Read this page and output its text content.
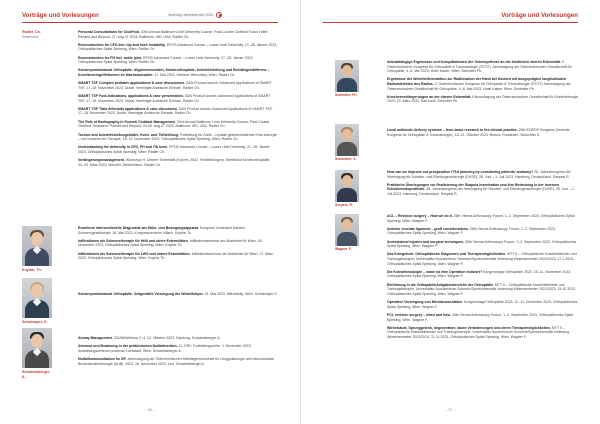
Vorträge und Vorlesungen	Speising Jahresbericht 2023
Radler, Ch.
Seibersdorf

Personal Consultations for ClubFoot. 33rd Annual Baltimore Limb Deformity Course; Post-Course Clubfoot Focus Hotel: Renaud and Beyond. 27. Aug 27 2023; Baltimore, MD, USA. Radler Ch.

Reconstruction for CFD incl. hip and knee instability. EPOS Advanced Course – Lower Limb Deformity, 27.-28. Jänner 2023, Orthopädisches Spital Speising, Wien. Radler Ch.

Reconstruction for FH incl. ankle joint. EPOS Advanced Course – Lower Limb Deformity, 27.-28. Jänner 2023, Orthopädisches Spital Speising, Wien. Radler Ch.

Schwerpunktmanual Orthopädie: Allgemeinmedizin, Kinderorthopädie, Achsfehlstellung und Beinlängendifferenz – Korrektureingriffsformen im Wachstumsalter. 17. Mai 2023, Webinar Mitrovitsky, Wien. Radler Ch.

SMART TSF Complex pediatric applications & case discussions. S&N Product launch: Advanced Applications of SMART TSF, 17.-18. November 2023, Dubai, Vereinigte Arabische Emirate. Radler Ch.

SMART TSF Foot-Indications, applications & case presentation. S&N Product launch: Advanced Applications of SMART TSF, 17.-18. November 2023, Dubai, Vereinigte Arabische Emirate. Radler Ch.

SMART TSF Tibia deformity applications & case discussion. S&N Product launch: Advanced Applications of SMART TSF, 17.-18. November 2023, Dubai, Vereinigte Arabische Emirate. Radler Ch.

The Role of Radiography in Ponseti Clubfoot Management. 33rd Annual Baltimore Limb Deformity Course; Post-Course Clubfoot Treatment: Ponseti and Beyond. 24-26. Aug 27 2023, Baltimore, MD, USA. Radler Ch.

Torsion and Achsfehlstellungsbilder, Hoch- und Tiefstellung. Fortbildung für Ärzte – Update gelenkerhaltende Knie-chirurgie – von Ursache bis Therapie. 18.-11. November 2023, Orthopädisches Spital Speising, Wien. Radler Ch.

Understanding the deformity in CFD, FH and Tib hemi. EPOS Advanced Course – Lower Limb Deformity, 27.-28. Jänner 2023, Orthopädisches Spital Speising, Wien. Radler Ch.

Verlängerungsmanagement. Workshop H. Unterer Extremität (Kurven, MLD, Fehlstellungen), Streifband Kinderorthopädie, 24.-25. März 2023, Münster, Deutschland. Radler Ch.

Koyrlar, Th.

Erweiterte interventionelle Diagnostik am Stütz- und Bewegungsapparat. Kongress Vorderarzt Kärnten Schmerzgesellschaft, 16. Mai 2023, Kongresszentrum Villach. Koyrlar Th.

Infiltrationen als Schmerztherapie für Hüft und obere Extremitäten. Infiltrationsseminar der Akademie für Wien, 18. November 2023, Orthopädisches Spital Speising, Wien. Koyrlar Th.

Infiltrationen als Schmerztherapie für LWS und untere Extremitäten. Infiltrationsseminar der Akademie für Wien, 17. März 2023, Orthopädisches Spital Speising, Wien. Koyrlar Th.

Schalmayer, D.

Schwerpunktmanual Orthopädie: Zeitgemäße Versorgung der Wirbelkörper. 24. Mai 2023, Mitrovitsky, Wien. Schalmayer D.

Schabetsberger, A.

Airway Management. OGAN/Webinar 3.-4. 12. Oktober 2023, Salzburg. Schabetsberger A.

Atemnot und Beatmung in der präklinischen Notfallmedizin. 21. ERC Fortbildungsreihe, 4. Dezember 2023, Ausbildungszentrum prosense Lichtstadt, Wien. Schabetsberger A.

Notfallkommunikation im OP. Jahrestagung der Österreichischen Arbeitsgemeinschaft für Urogynäkologie und rekonstruktive Beckenbodenchirurgie (AUB), 2023, 16. November 2023, Linz. Schabetsberger A.

– 56 –
Vorträge und Vorlesungen
Schindler, Ph.

Alterabhängige Ergebnisse und Komplikationen der Osteosynthese an der kindlichen oberen Extremität. 2. Österreichischer Kongress für Orthopädie & Traumatologie (ÖTOT) Jahrestagung der Österreichischen Gesellschaft für Orthopädie, 4.-6. Mai 2023, Hotel Kaiser, Wien. Schindler Ph.

Ergebnisse der Weichteilinteraktion zur Radiiosation der Hand bei Kindern mit ausgeprägten longitudinalen Radiusdefekten des Radius. 2. Österreichischer Kongress für Orthopädie & Traumatologie (ÖTOT) Jahrestagung der Österreichischen Gesellschaft für Orthopädie, 4.-6. Mai 2023, Hotel Kaiser, Wien. Schindler Ph.

Knochenverlängerungen an der oberen Extremität. Klausurtagung der Österreichischen Gesellschaft für Kinderchirurgie, 2023, 23. März 2023, Bad Ischl. Schindler Ph.

Schuchter, S.

Local antibiotic delivery systems – from basic research to the clinical practice. 20th EORDP Kongress (Vereinte Kongress für Orthopädie & Traumatologie), 18.-21. Oktober 2023, Brasov, Rumänien. Schuchter S.

Szepesi, R.

How can we improve our preoperative ITSA planning by considering patients' anatomy? 28. Jahreskongress der Vereinigung für Schulter- und Ellenbogenchirurgie (DVSE), 28. Juni – 1. Juli 2023, Hamburg, Deutschland. Szepesi R.

Praktische Überlegungen zur Realisierung der Skapula-Inzentration und ihre Bedeutung in der inversen Schulterendoprothetik. 28. Jahreskongress der Vereinigung für Schulter- und Ellenbogenchirurgie (DVSE), 28. Juni – 1. Juli 2023, Hamburg, Deutschland. Szepesi R.

Wagner, F.

ACL – Revision surgery – How we do it. 26th Vienna Arthroscopy Forum, 1.-2. September 2023, Orthopädisches Spital Speising, Wien. Wagner F.

Anterior cruciate ligament – graft considerations. 26th Vienna Arthroscopy Forum, 1.-2. September 2023, Orthopädisches Spital Speising, Wien. Wagner F.

Anterolateral injuries and surgical techniques. 26th Vienna Arthroscopy Forum, 1.-2. September 2023, Orthopädisches Spital Speising, Wien. Wagner F.

Das Kniegelenk: Orthopädische Diagnosen und Therapiemöglichkeiten. MTT II – Orthopädische Krankheitsbilder und Trainingstherapie, Universitäts-Sportzentrum Schmelz/Sportuniversität Vorlesung Wintersemester 2022/2023, 17.1.2023, Orthopädisches Spital Speising, Wien. Wagner F.

Die Kniearthroskopie – wann ist eine Operation indiziert? Kongresstage Orthopädie 2023, 18.-11. November 2023, Orthopädisches Spital Speising, Wien. Wagner F.

Einführung in die Orthopädie/Aufgabenbereiche der Orthopädie. MTT II – Orthopädische Krankheitsbilder und Trainingstherapie, Universitäts-Sportzentrum Schmelz/Sportuniversität Vorlesung Wintersemester 2022/2023, 19.10.2022, Orthopädisches Spital Speising, Wien. Wagner F.

Operative Versorgung von Meniskusschäden. Kongresstage Orthopädie 2023, 10.-11. November 2023, Orthopädisches Spital Speising, Wien. Wagner F.

PCL revision surgery – when and how. 26th Vienna Arthroscopy Forum, 1.-2. September 2023, Orthopädisches Spital Speising, Wien. Wagner F.

Wirbelsäule, Sprunggelenk, degenerative, akute Veränderungen und deren Therapiemöglichkeiten. MTT II – Orthopädische Krankheitsbilder und Trainingstherapie, Universitäts-Sportzentrum Schmelz/Sportuniversität Vorlesung Wintersemester 2023/2024, 21.11.2023, Orthopädisches Spital Speising, Wien. Wagner F.

– 57 –
